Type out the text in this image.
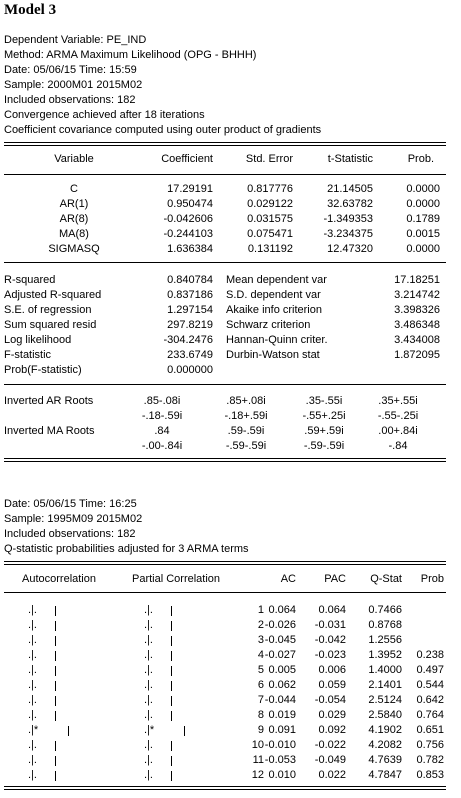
Model 3
Dependent Variable: PE_IND
Method: ARMA Maximum Likelihood (OPG - BHHH)
Date: 05/06/15 Time: 15:59
Sample: 2000M01 2015M02
Included observations: 182
Convergence achieved after 18 iterations
Coefficient covariance computed using outer product of gradients
Variable	Coefficient	Std. Error	t-Statistic	Prob.
C	17.29191	0.817776	21.14505	0.0000
AR(1)	0.950474	0.029122	32.63782	0.0000
AR(8)	-0.042606	0.031575	-1.349353	0.1789
MA(8)	-0.244103	0.075471	-3.234375	0.0015
SIGMASQ	1.636384	0.131192	12.47320	0.0000
R-squared	0.840784 Mean dependent var	17.18251
Adjusted R-squared	0.837186 S.D. dependent var	3.214742
S.E. of regression	1.297154 Akaike info criterion	3.398326
Sum squared resid	297.8219 Schwarz criterion	3.486348
Log likelihood	-304.2476 Hannan-Quinn criter.	3.434008
F-statistic	233.6749 Durbin-Watson stat	1.872095
Prob(F-statistic)	0.000000
Inverted AR Roots	.85-.08i	.85+.08i	.35-.55i	.35+.55i
-.18-.59i	-.18+.59i	-.55+.25i	-.55-.25i
Inverted MA Roots	.84	.59-.59i	.59+.59i	.00+.84i
-.00-.84i	-.59-.59i	-.59-.59i	-.84
Date: 05/06/15 Time: 16:25
Sample: 1995M09 2015M02
Included observations: 182
Q-statistic probabilities adjusted for 3 ARMA terms
Autocorrelation	Partial Correlation	AC	PAC	Q-Stat	Prob
.|.	.|.	1 0.064	0.064	0.7466
.|.	.|.	2 -0.026	-0.031	0.8768
.|.	.|.	3 -0.045	-0.042	1.2556
.|.	.|.	4 -0.027	-0.023	1.3952 0.238
.|.	.|.	5 0.005	0.006	1.4000 0.497
.|.	.|.	6 0.062	0.059	2.1401 0.544
.|.	.|.	7 -0.044	-0.054	2.5124 0.642
.|.	.|.	8 0.019	0.029	2.5840 0.764
.|*	.|*	9 0.091	0.092	4.1902 0.651
.|.	.|.	10 -0.010	-0.022	4.2082 0.756
.|.	.|.	11 -0.053	-0.049	4.7639 0.782
.|.	.|.	12 0.010	0.022	4.7847 0.853
